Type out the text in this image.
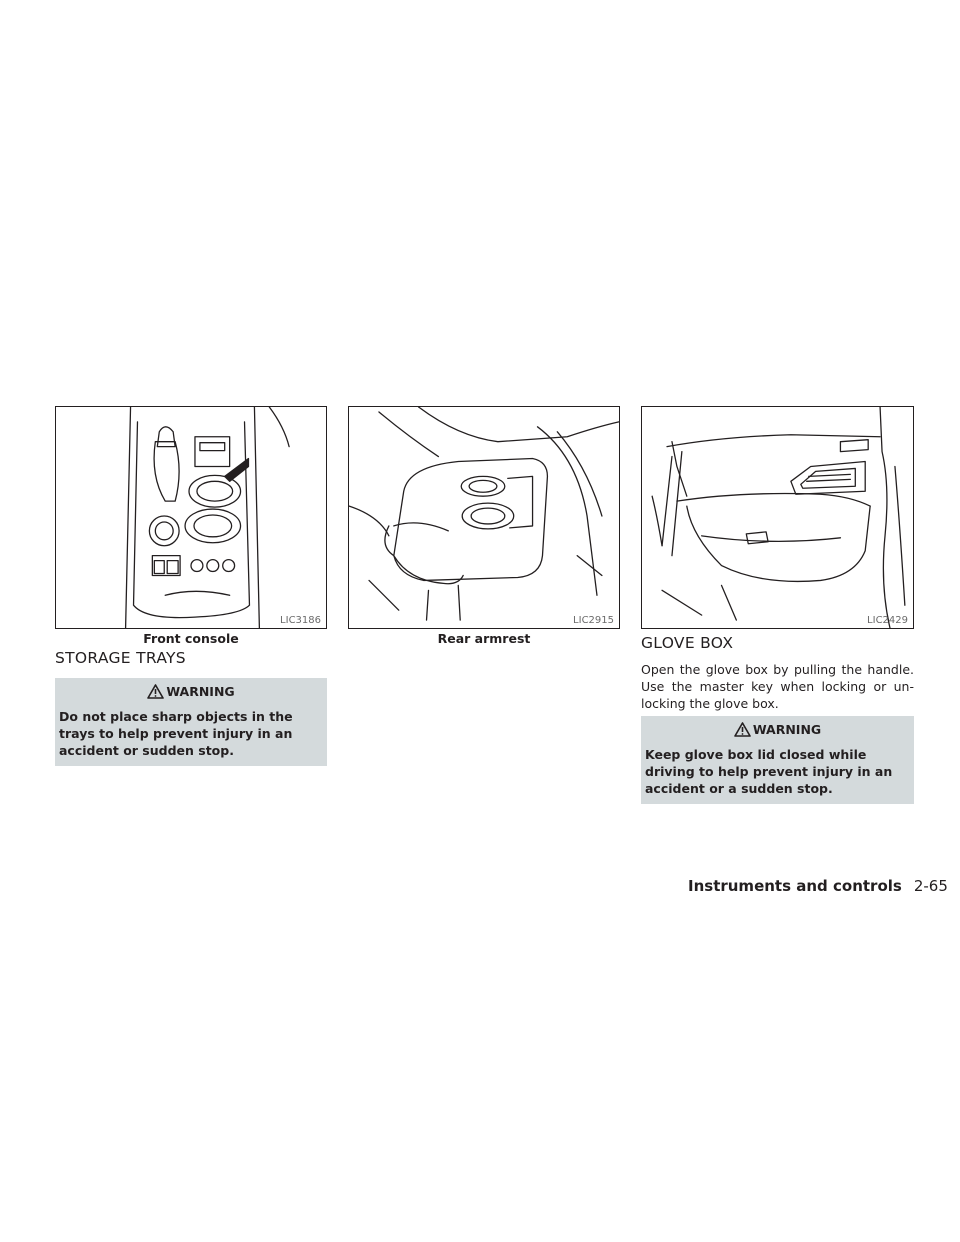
LIC3186
Front console
LIC2915
Rear armrest
LIC2429
STORAGE TRAYS
WARNING
Do not place sharp objects in the trays to help prevent injury in an accident or sudden stop.
GLOVE BOX

Open the glove box by pulling the handle. Use the master key when locking or un-locking the glove box.

WARNING
Keep glove box lid closed while driving to help prevent injury in an accident or a sudden stop.
Instruments and controls 2-65
